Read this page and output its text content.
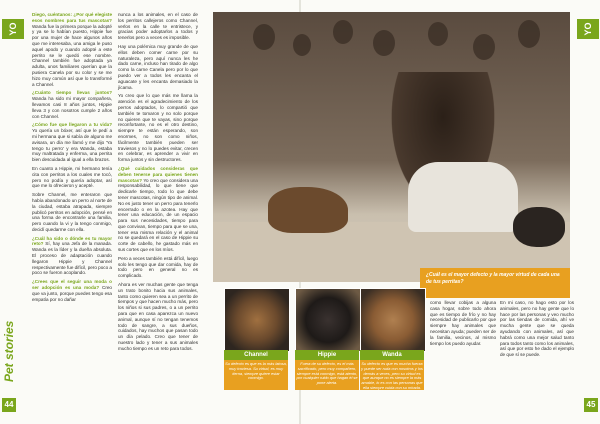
YO
Pet stories
44

Diego, cuéntanos: ¿Por qué elegiste esos nombres para tus mascotas? Wanda fue la primera porque la adopté y ya se lo habían puesto, Hippie fue por una mujer de hace algunos años que me interesaba, una amiga le puso aquel apodo y cuando adopté a este perrito se le quedó ese nombre. Channel también fue adoptada ya adulta, unos familiares querían que la pusiera Canela por su color y se me hizo muy común así que lo transformé a Channel.

¿Cuánto tiempo llevas juntos? Wanda ha sido mi mayor compañera, llevamos casi 8 años juntos, Hippie lleva 3 y con nosotros cumple 2 años con Channel.

¿Cómo fue que llegaron a tu vida? Yo quería un bóxer, así que le pedí a mi hermana que si sabía de alguno me avisara, un día me llamó y me dijo 'Ya tengo tu perro' y era Wanda, estaba muy maltratada y enferma, una perrita bien descuidada al igual a ella brazos.

En cuanto a Hippie, mi hermano tenía cita con perritos a los cuales me tocó, pero no podía y quería adoptar, así que me lo ofrecieron y acepté.

Sobre Channel, me enteraron que había abandonado un perro al norte de la ciudad, estaba atrapada, siempre publicó perritos en adopción, pensé en una forma de encontrarle una familia, pero cuando la vi y la tengo conmigo, decidí quedarme con ella.

¿Cuál ha sido o dónde es tu mayor reto? Sí, hay una Jefa de la manada. Wanda es la líder y la dueña absoluta. El proceso de adaptación cuando llegaron Hippie y Channel respectivamente fue difícil, pero poco a poco se fueron acoplando.

¿Crees que el seguir una moda o ser adopción es una moda? Creo que va junto, porque puedes tengo esa empatía por no dañar

nunca a los animales, en el caso de los perritos callejeros como Channel, verlos en la calle te entristece, y gracias poder adoptarlos a todos y tenerlos pero a veces es imposible.

Hay una polémica muy grande de que ellos deben comer carne por su naturaleza, pero aquí nunca les he dado carne, incluso han tirado de algo como la carne Canela pero por lo que puedo ver a todos les encanta el aguacate y les encanta demasiado la jícama.

Yo creo que lo que más me llama la atención es el agradecimiento de los perros adoptados, lo compartió que también te tomaron y no solo porque no quieren que te vayas, sino porque reconfortante, no es el otro destino, siempre te están esperando, son enormes, no son como niños, fácilmente también pueden ser traviesos y no lo puedes evitar, crecen en celebrar, es aprender a vivir en forma juntos y sin destructores.

¿Qué cuidados consideras que deben tenerse para quienes tienen mascotas? Yo creo que considera una responsabilidad, lo que tiene que dedicarle tiempo, todo lo que debe tener mascotas, ningún tipo de animal. No es justo tener un perro para tenerlo encerrado o en la azotea. Hay que tener una educación, de un espacio para sus necesidades, tiempo para que convivan, tiempo para que se una, tener esa misma relación y el animal no se quedará en el caso de Hippie su corte de cabello, he gastado más en sus cortes que en los míos.

Pero a veces también está difícil, luego solo les tengo que dar comida, hay de todo pero en general no es complicado.

Ahora es ver muchas gente que tenga un trato bonito hacia sus animales, tanto como quieren sea a un perrito de tiempos y que hacen mucho más, pero los niños si sus padres, o a un perrito para que en casa aparezca un nuevo animal, aunque sí no tengan tenemos todo de sangre, a sus dueños, cuidados, hay muchos que pasan todo un día pelado. Creo que tener de nuestro lado y tener a sus animales mucho tiempo es un reto para todos.

¿Cuál es el mayor defecto y la mayor virtud de cada una de tus perritas?
Channel	Hippie	Wanda
Su defecto es que es la más latosa, muy traviesa. Su virtud, es muy tierna, siempre quiere estar conmigo.
Fuera de su defecto, es el más sacrificado, pero muy compañero, siempre está conmigo, está atento, por cualquier ruido que hagan él se pone alerta.
Su defecto es que es mucha fuerza y puede ser ruda con nosotros y los demás a veces, pero su virtud es que aunque no es siempre la más amable, lo es con las personas que ella siempre cuida con su mirada.

como llevar cobijas a alguna casa hogar, sobre todo ahora que es tiempo de frío y no hay necesidad de publicarlo por que siempre hay animales que necesitan ayuda; pueden ser de la familia, vecinos, al mismo tiempo los puedo ayudar.

En mi caso, no hago esto por los animales, pero no hay gente que lo hace por las personas y veo mucho por las tiendas de comida, ahí ve mucha gente que se queda ayudando con animales, así que habrá como una mejor salud tanto para todos tanto como los animales, así que por esto he dado el ejemplo de que sí se puede.

YO
45
